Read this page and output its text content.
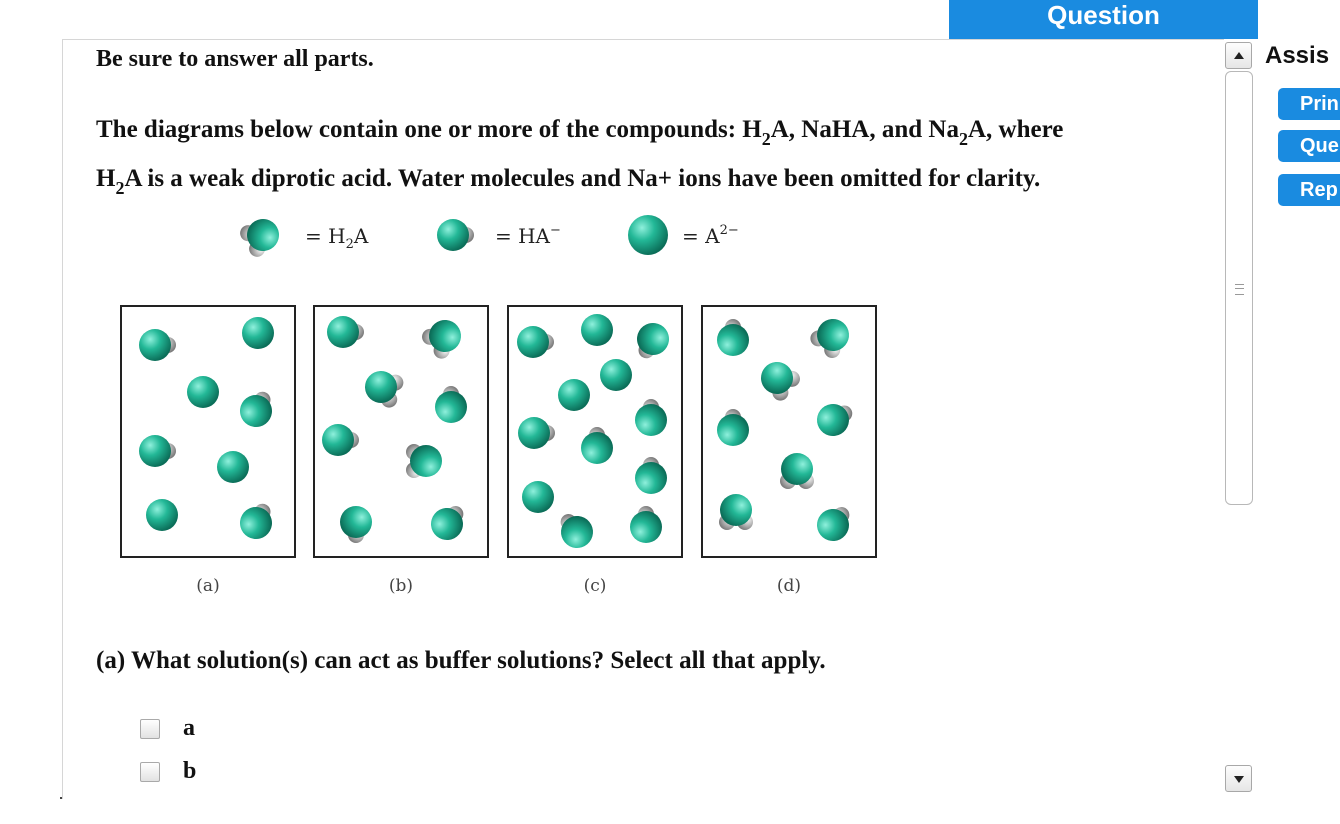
Question
Assis
Prin
Que
Rep
Be sure to answer all parts.
The diagrams below contain one or more of the compounds: $H_2A$, NaHA, and $Na_2A$, where
$H_2A$ is a weak diprotic acid. Water molecules and Na+ ions have been omitted for clarity.
= $H_2A$	= HA−	= $A^{2-}$
(a)	(b)	(c)	(d)
(a) What solution(s) can act as buffer solutions? Select all that apply.
a
b
